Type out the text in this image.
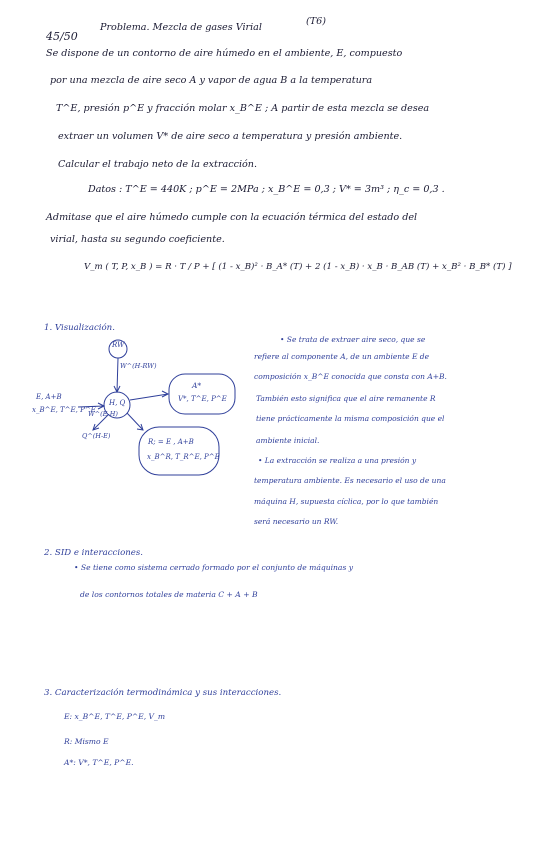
45/50
Problema. Mezcla de gases Virial
(T6)
Se dispone de un contorno de aire húmedo en el ambiente, E, compuesto
por una mezcla de aire seco A y vapor de agua B a la temperatura
T^E, presión p^E y fracción molar x_B^E ; A partir de esta mezcla se desea
extraer un volumen V* de aire seco a temperatura y presión ambiente.
Calcular el trabajo neto de la extracción.
Datos : T^E = 440K ; p^E = 2MPa ; x_B^E = 0,3 ; V* = 3m³ ; η_c = 0,3 .
Admitase que el aire húmedo cumple con la ecuación térmica del estado del
virial, hasta su segundo coeficiente.
V_m ( T, P, x_B ) = R · T / P + [ (1 - x_B)² · B_A* (T) + 2 (1 - x_B) · x_B · B_AB (T) + x_B² · B_B* (T) ]
1. Visualización.
RW
W^(H-RW)
E, A+B
x_B^E, T^E, P^E
W^(E-H)
Q^(H-E)
H, Q
A*
V*, T^E, P^E
R; = E , A+B
x_B^R, T_R^E, P^E
• Se trata de extraer aire seco, que se
refiere al componente A, de un ambiente E de
composición x_B^E conocida que consta con A+B.
También esto significa que el aire remanente R
tiene prácticamente la misma composición que el
ambiente inicial.
• La extracción se realiza a una presión y
temperatura ambiente. Es necesario el uso de una
máquina H, supuesta cíclica, por lo que también
será necesario un RW.
2. SID e interacciones.
• Se tiene como sistema cerrado formado por el conjunto de máquinas y
de los contornos totales de materia C + A + B
3. Caracterización termodinámica y sus interacciones.
E: x_B^E, T^E, P^E, V_m
R: Mismo E
A*: V*, T^E, P^E.
